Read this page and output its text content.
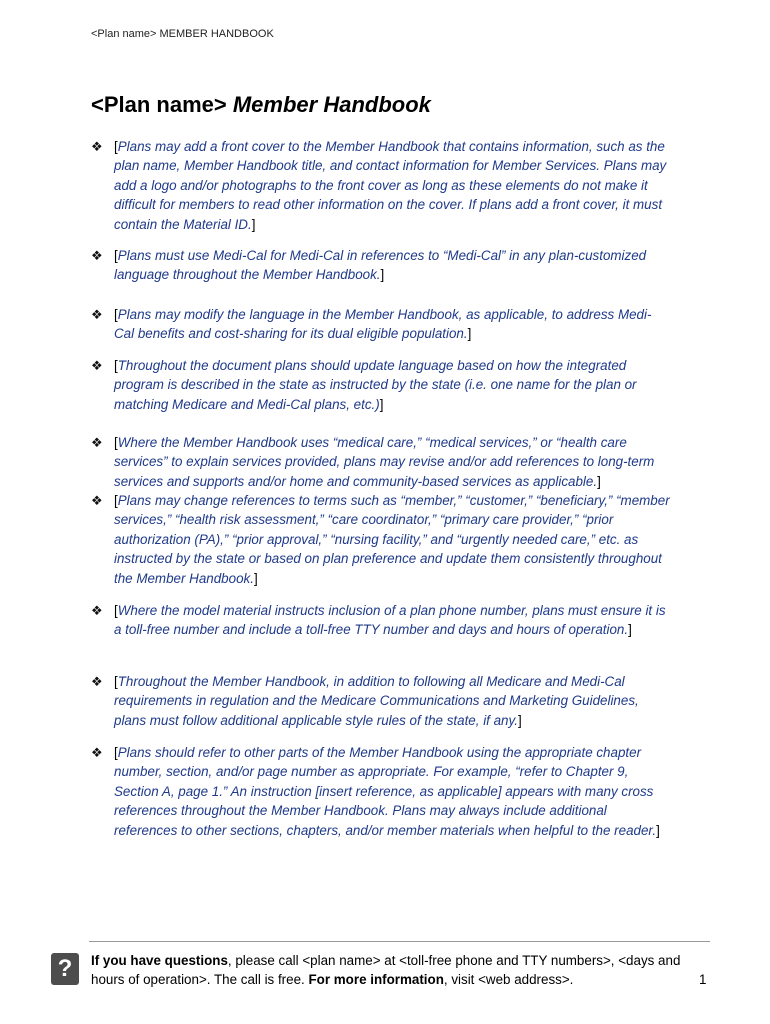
<Plan name> MEMBER HANDBOOK
<Plan name> Member Handbook
❖ [Plans may add a front cover to the Member Handbook that contains information, such as the plan name, Member Handbook title, and contact information for Member Services. Plans may add a logo and/or photographs to the front cover as long as these elements do not make it difficult for members to read other information on the cover. If plans add a front cover, it must contain the Material ID.]
❖ [Plans must use Medi-Cal for Medi-Cal in references to “Medi-Cal” in any plan-customized language throughout the Member Handbook.]
❖ [Plans may modify the language in the Member Handbook, as applicable, to address Medi-Cal benefits and cost-sharing for its dual eligible population.]
❖ [Throughout the document plans should update language based on how the integrated program is described in the state as instructed by the state (i.e. one name for the plan or matching Medicare and Medi-Cal plans, etc.)]
❖ [Where the Member Handbook uses “medical care,” “medical services,” or “health care services” to explain services provided, plans may revise and/or add references to long-term services and supports and/or home and community-based services as applicable.]
❖ [Plans may change references to terms such as “member,” “customer,” “beneficiary,” “member services,” “health risk assessment,” “care coordinator,” “primary care provider,” “prior authorization (PA),” “prior approval,” “nursing facility,” and “urgently needed care,” etc. as instructed by the state or based on plan preference and update them consistently throughout the Member Handbook.]
❖ [Where the model material instructs inclusion of a plan phone number, plans must ensure it is a toll-free number and include a toll-free TTY number and days and hours of operation.]
❖ [Throughout the Member Handbook, in addition to following all Medicare and Medi-Cal requirements in regulation and the Medicare Communications and Marketing Guidelines, plans must follow additional applicable style rules of the state, if any.]
❖ [Plans should refer to other parts of the Member Handbook using the appropriate chapter number, section, and/or page number as appropriate. For example, “refer to Chapter 9, Section A, page 1.” An instruction [insert reference, as applicable] appears with many cross references throughout the Member Handbook. Plans may always include additional references to other sections, chapters, and/or member materials when helpful to the reader.]
?	If you have questions, please call <plan name> at <toll-free phone and TTY numbers>, <days and hours of operation>. The call is free. For more information, visit <web address>.	1
